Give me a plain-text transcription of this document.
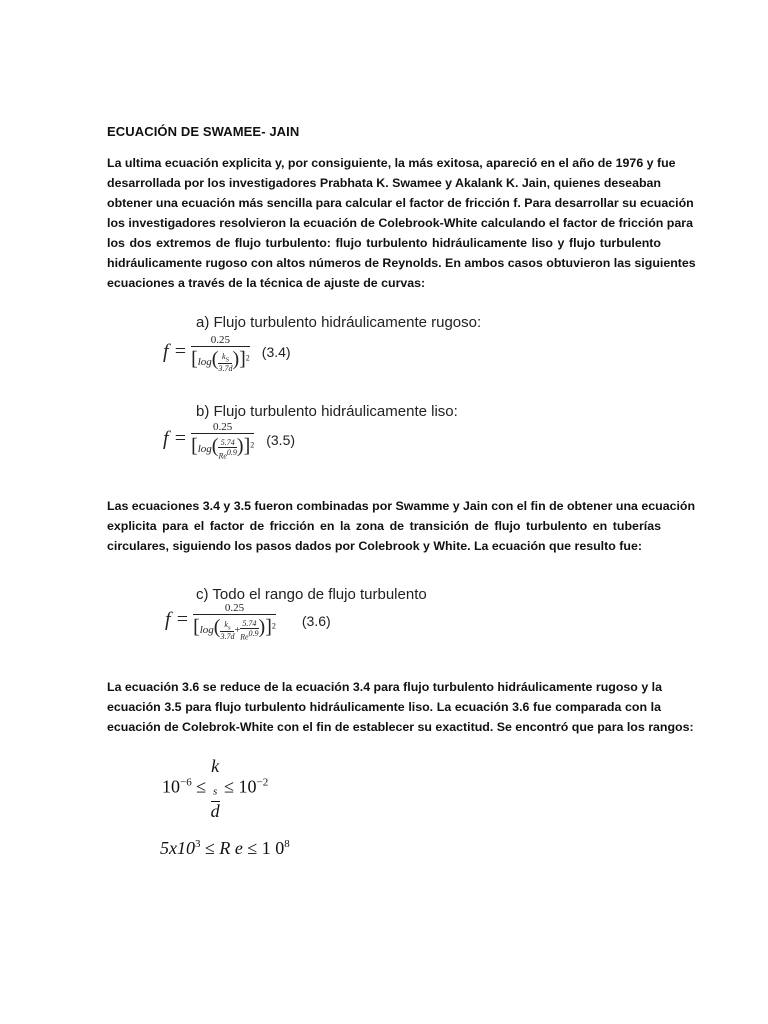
ECUACIÓN DE SWAMEE- JAIN
La ultima ecuación explicita y, por consiguiente, la más exitosa, apareció en el año de 1976 y fue
desarrollada por los investigadores Prabhata K. Swamee y Akalank K. Jain, quienes deseaban
obtener una ecuación más sencilla para calcular el factor de fricción f. Para desarrollar su ecuación
los investigadores resolvieron la ecuación de Colebrook-White calculando el factor de fricción para
los dos extremos de flujo turbulento: flujo turbulento hidráulicamente liso y flujo turbulento
hidráulicamente rugoso con altos números de Reynolds. En ambos casos obtuvieron las siguientes
ecuaciones a través de la técnica de ajuste de curvas:
a) Flujo turbulento hidráulicamente rugoso:
$f = \frac{0.25}{[\log( \frac{k_S}{3.7d} )]^2} (3.4)$
b) Flujo turbulento hidráulicamente liso:
$f = \frac{0.25}{[\log( \frac{5.74}{Re^{0.9}} )]^2} (3.5)$
Las ecuaciones 3.4 y 3.5 fueron combinadas por Swamme y Jain con el fin de obtener una ecuación
explicita para el factor de fricción en la zona de transición de flujo turbulento en tuberías
circulares, siguiendo los pasos dados por Colebrook y White. La ecuación que resulto fue:
c) Todo el rango de flujo turbulento
$f = \frac{0.25}{[\log( \frac{k_s}{3.7d} + \frac{5.74}{Re^{0.9}} )]^2} (3.6)$
La ecuación 3.6 se reduce de la ecuación 3.4 para flujo turbulento hidráulicamente rugoso y la
ecuación 3.5 para flujo turbulento hidráulicamente liso. La ecuación 3.6 fue comparada con la
ecuación de Colebrok-White con el fin de establecer su exactitud. Se encontró que para los rangos:
$10^{-6} \le k$
$_s$
$d \le 10^{-2}$
$5x10^3 \le R$ e ≤ 1 $0^8$
